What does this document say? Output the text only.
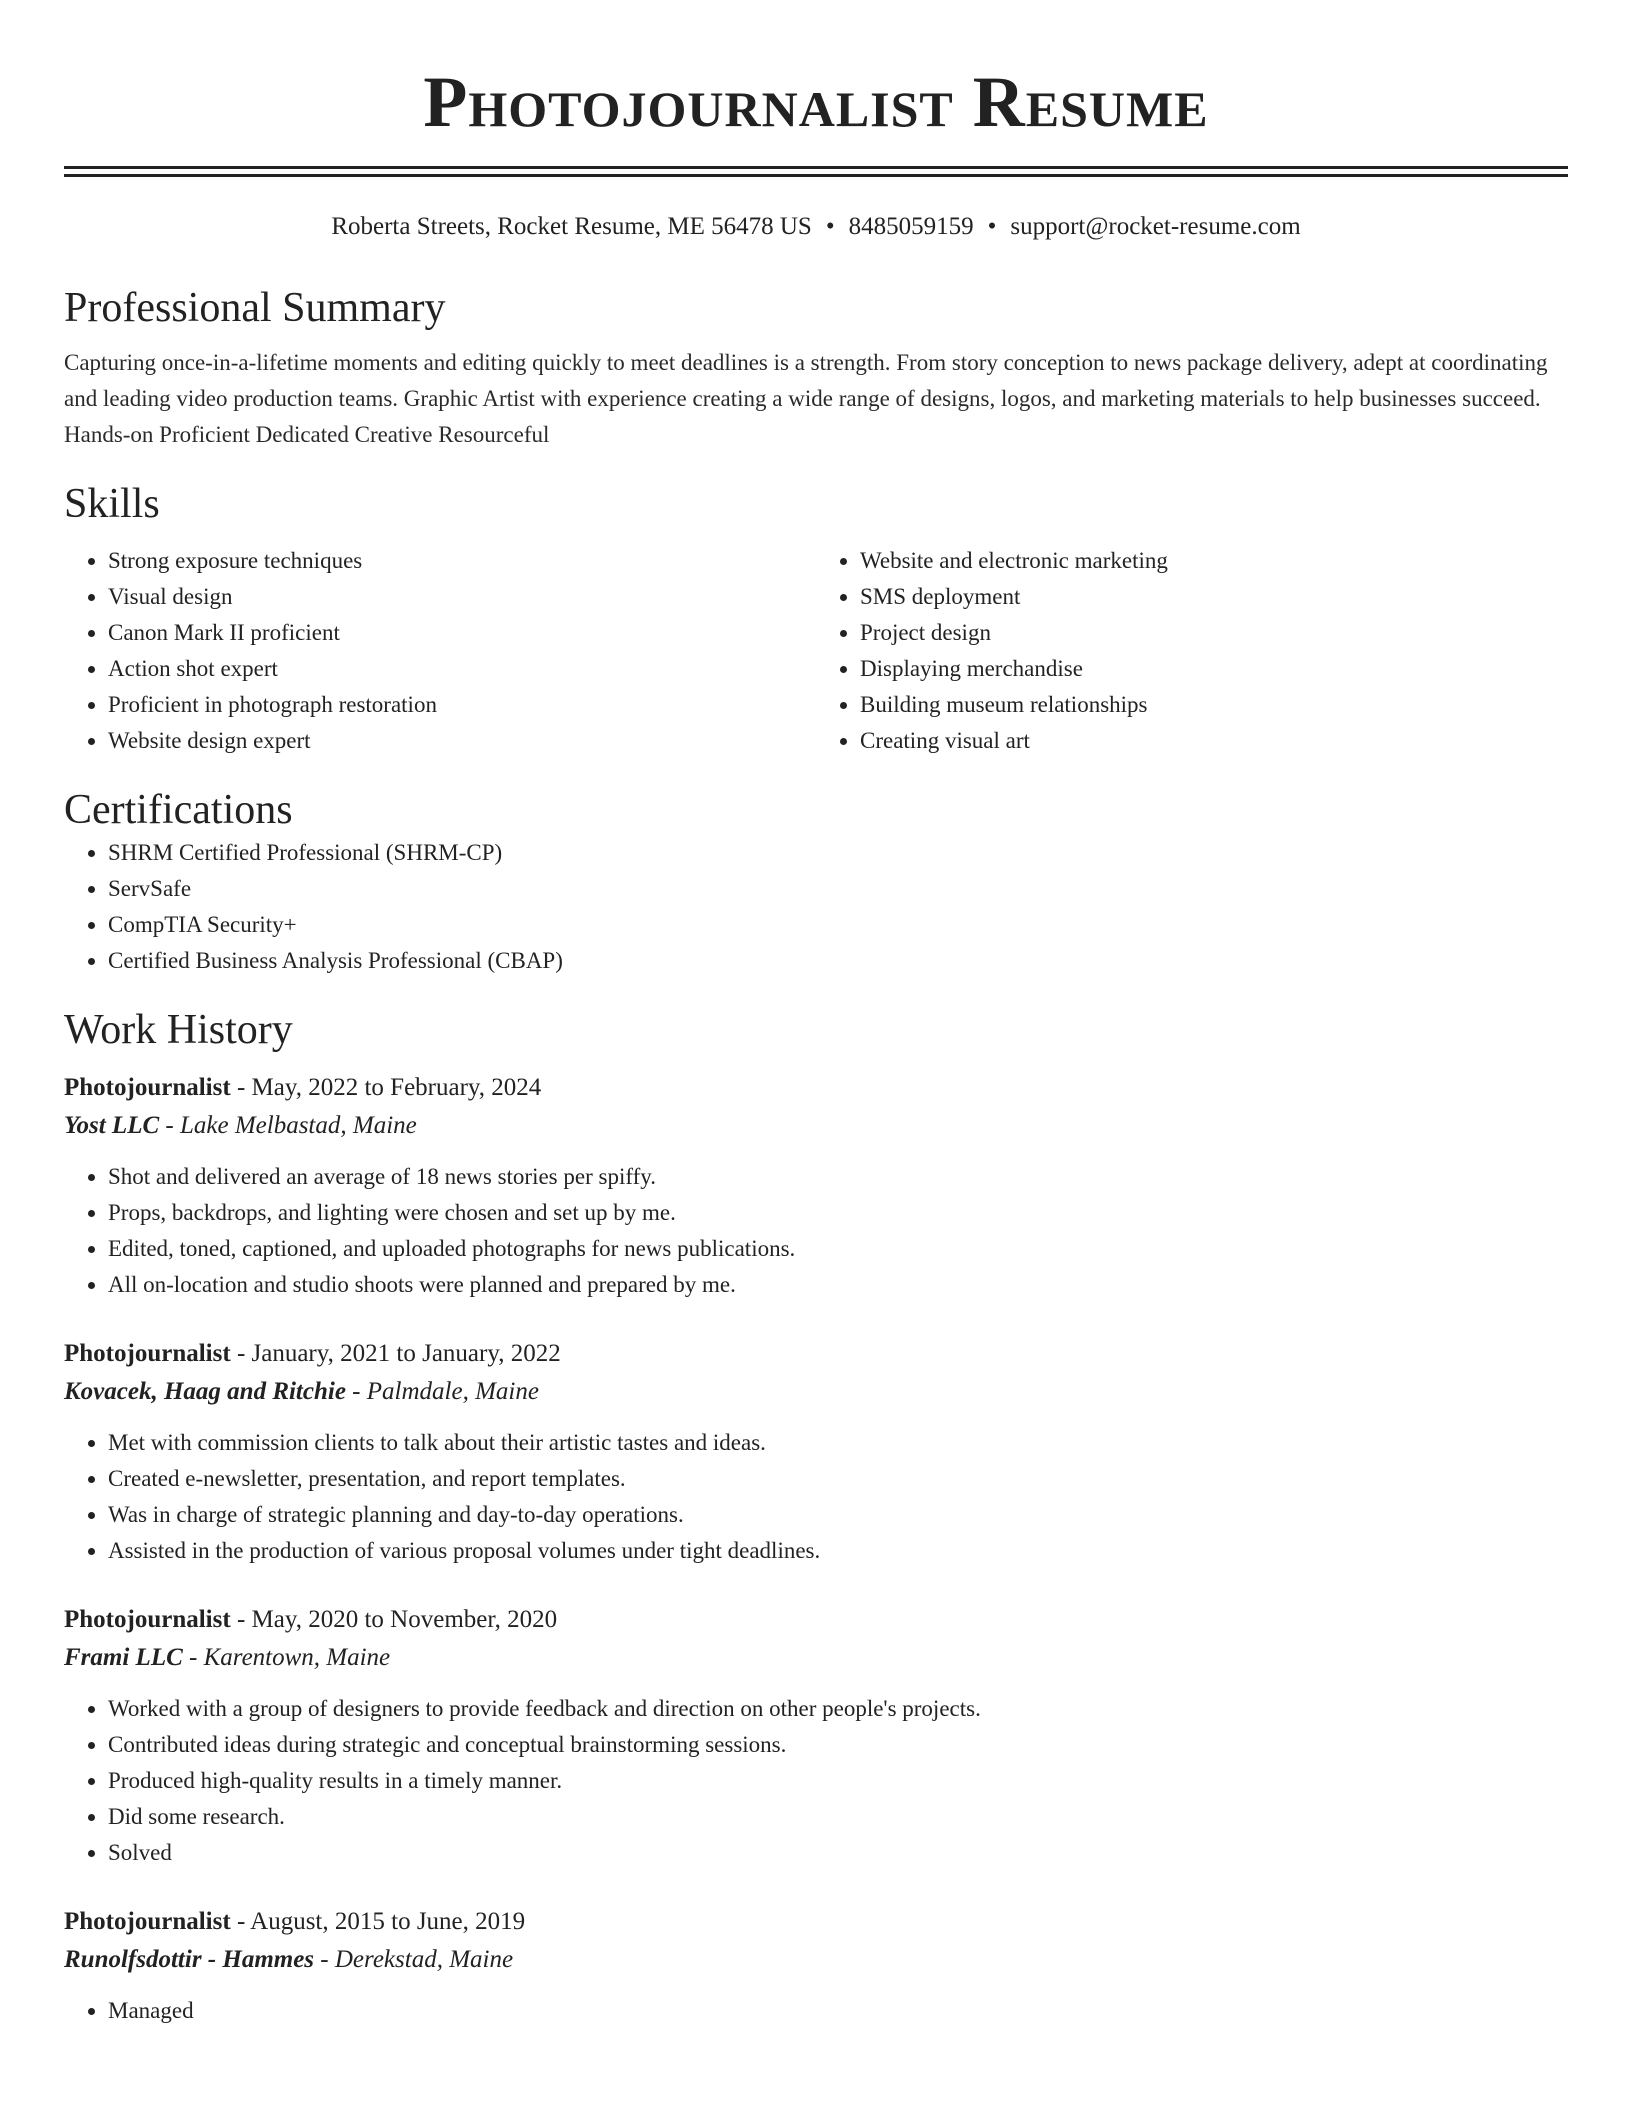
Photojournalist Resume
Roberta Streets, Rocket Resume, ME 56478 US • 8485059159 • support@rocket-resume.com
Professional Summary

Capturing once-in-a-lifetime moments and editing quickly to meet deadlines is a strength. From story conception to news package delivery, adept at coordinating and leading video production teams. Graphic Artist with experience creating a wide range of designs, logos, and marketing materials to help businesses succeed. Hands-on Proficient Dedicated Creative Resourceful

Skills
• Strong exposure techniques
• Visual design
• Canon Mark II proficient
• Action shot expert
• Proficient in photograph restoration
• Website design expert
• Website and electronic marketing
• SMS deployment
• Project design
• Displaying merchandise
• Building museum relationships
• Creating visual art
Certifications
• SHRM Certified Professional (SHRM-CP)
• ServSafe
• CompTIA Security+
• Certified Business Analysis Professional (CBAP)
Work History
Photojournalist - May, 2022 to February, 2024
Yost LLC - Lake Melbastad, Maine
• Shot and delivered an average of 18 news stories per spiffy.
• Props, backdrops, and lighting were chosen and set up by me.
• Edited, toned, captioned, and uploaded photographs for news publications.
• All on-location and studio shoots were planned and prepared by me.
Photojournalist - January, 2021 to January, 2022
Kovacek, Haag and Ritchie - Palmdale, Maine
• Met with commission clients to talk about their artistic tastes and ideas.
• Created e-newsletter, presentation, and report templates.
• Was in charge of strategic planning and day-to-day operations.
• Assisted in the production of various proposal volumes under tight deadlines.
Photojournalist - May, 2020 to November, 2020
Frami LLC - Karentown, Maine
• Worked with a group of designers to provide feedback and direction on other people's projects.
• Contributed ideas during strategic and conceptual brainstorming sessions.
• Produced high-quality results in a timely manner.
• Did some research.
• Solved
Photojournalist - August, 2015 to June, 2019
Runolfsdottir - Hammes - Derekstad, Maine
• Managed
